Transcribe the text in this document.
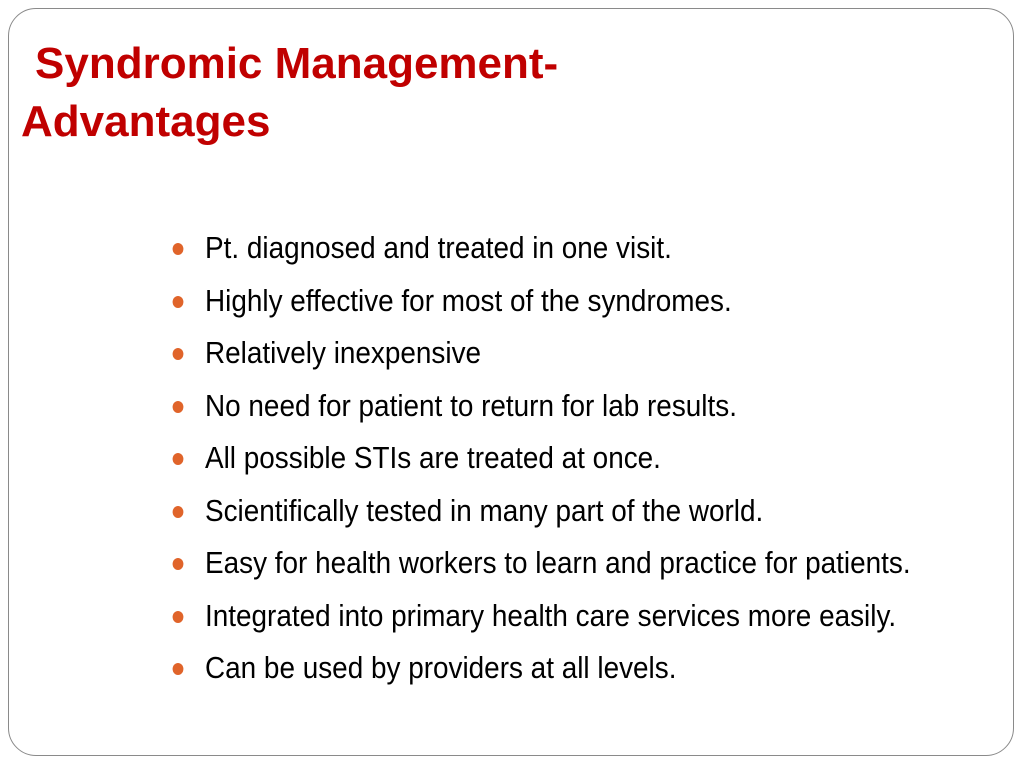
Syndromic Management-
Advantages
Pt. diagnosed and treated in one visit.
Highly effective for most of the syndromes.
Relatively inexpensive
No need for patient to return for lab results.
All possible STIs are treated at once.
Scientifically tested in many part of the world.
Easy for health workers to learn and practice for patients.
Integrated into primary health care services more easily.
Can be used by providers at all levels.
